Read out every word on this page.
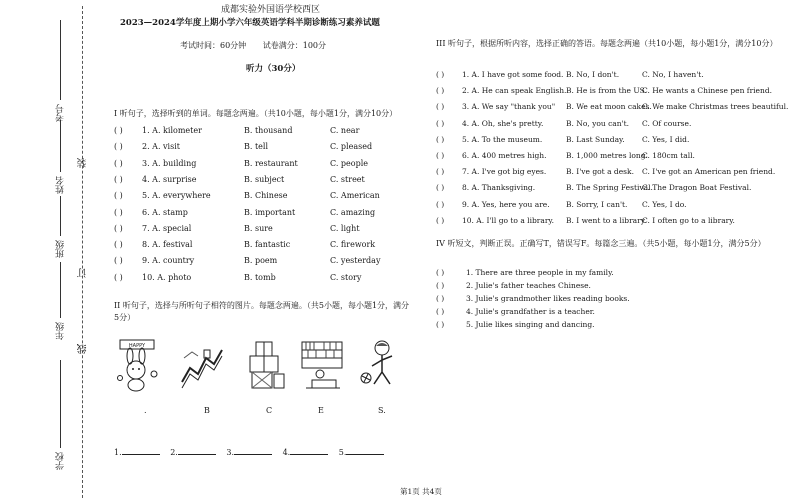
考号
姓名
班级
年级
学校
装
订
线
成都实验外国语学校西区
2023—2024学年度上期小学六年级英语学科半期诊断练习素养试题
考试时间：60分钟 试卷满分：100分
听力（30分）
I 听句子，选择听到的单词。每题念两遍。（共10小题，每小题1分，满分10分）
( ) 1. A. kilometer	B. thousand	C. near
( ) 2. A. visit	B. tell	C. pleased
( ) 3. A. building	B. restaurant	C. people
( ) 4. A. surprise	B. subject	C. street
( ) 5. A. everywhere	B. Chinese	C. American
( ) 6. A. stamp	B. important	C. amazing
( ) 7. A. special	B. sure	C. light
( ) 8. A. festival	B. fantastic	C. firework
( ) 9. A. country	B. poem	C. yesterday
( ) 10. A. photo	B. tomb	C. story
II 听句子，选择与所听句子相符的图片。每题念两遍。（共5小题，每小题1分，满分5分）
HAPPY
.	B	C	E	S.
1.	2.	3.	4.	5.
III 听句子，根据所听内容，选择正确的答语。每题念两遍（共10小题，每小题1分，满分10分）
( ) 1. A. I have got some food. B. No, I don't.	C. No, I haven't.
( ) 2. A. He can speak English. B. He is from the US.
C. He wants a Chinese pen friend.
( ) 3. A. We say "thank you" B. We eat moon cakes.
C. We make Christmas trees beautiful.
( ) 4. A. Oh, she's pretty.	B. No, you can't. C. Of course.
( ) 5. A. To the museum.	B. Last Sunday. C. Yes, I did.
( ) 6. A. 400 metres high.	B. 1,000 metres long.
C. 180cm tall.
( ) 7. A. I've got big eyes.	B. I've got a desk. C. I've got an American pen friend.
( ) 8. A. Thanksgiving.	B. The Spring Festival.
C. The Dragon Boat Festival.
( ) 9. A. Yes, here you are. B. Sorry, I can't. C. Yes, I do.
( ) 10. A. I'll go to a library. B. I went to a library.
C. I often go to a library.
IV 听短文，判断正误。正确写T，错误写F。每篇念三遍。（共5小题，每小题1分，满分5分）
( )	1. There are three people in my family.
( )	2. Julie's father teaches Chinese.
( )	3. Julie's grandmother likes reading books.
( )	4. Julie's grandfather is a teacher.
( )	5. Julie likes singing and dancing.
第1页 共4页
